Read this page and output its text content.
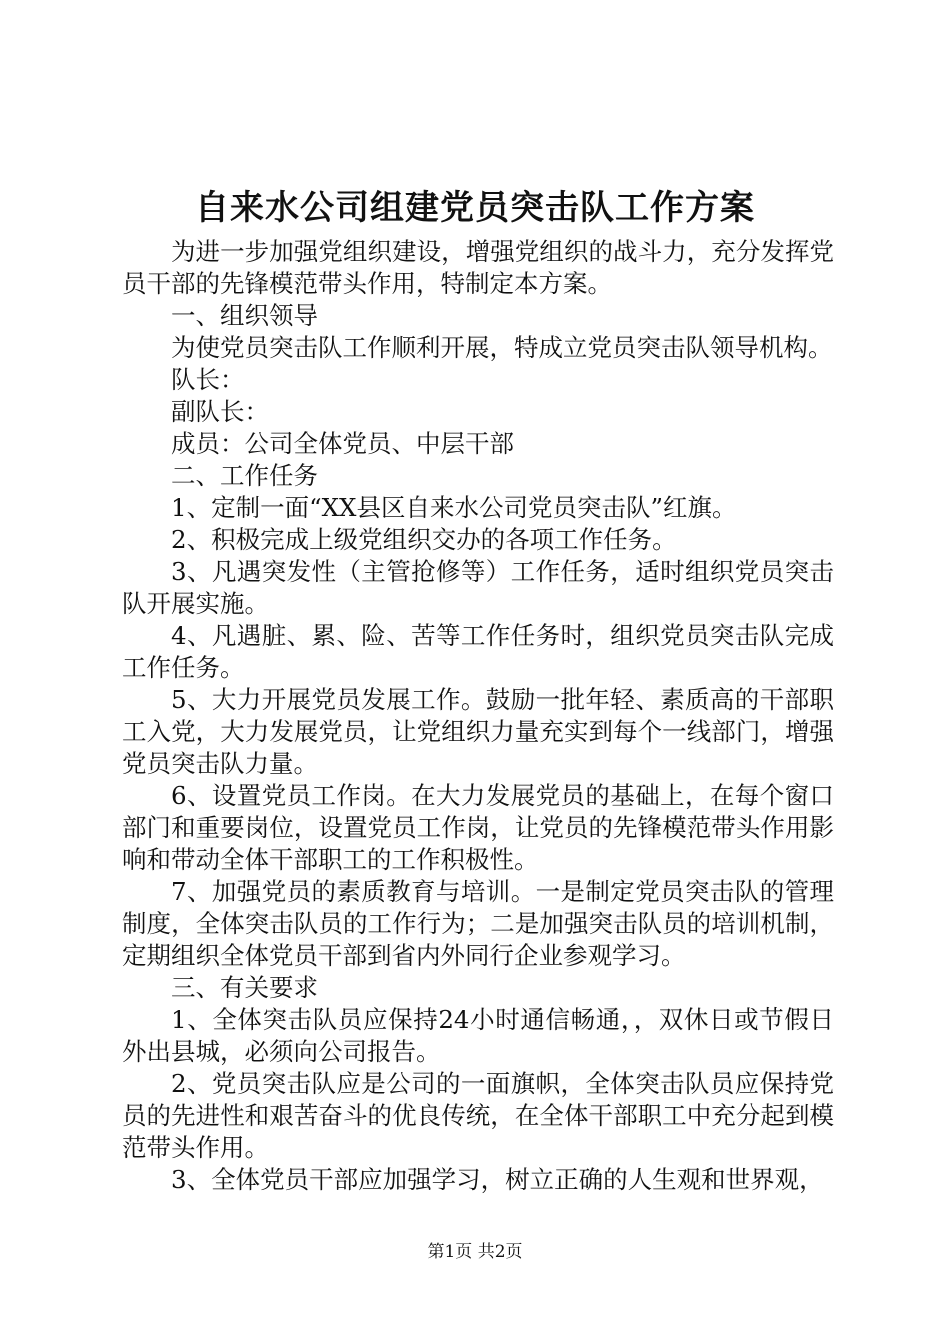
自来水公司组建党员突击队工作方案

为进一步加强党组织建设，增强党组织的战斗力，充分发挥党员干部的先锋模范带头作用，特制定本方案。

一、组织领导

为使党员突击队工作顺利开展，特成立党员突击队领导机构。

队长：

副队长：

成员：公司全体党员、中层干部

二、工作任务

1、定制一面“XX县区自来水公司党员突击队”红旗。

2、积极完成上级党组织交办的各项工作任务。

3、凡遇突发性（主管抢修等）工作任务，适时组织党员突击队开展实施。

4、凡遇脏、累、险、苦等工作任务时，组织党员突击队完成工作任务。

5、大力开展党员发展工作。鼓励一批年轻、素质高的干部职工入党，大力发展党员，让党组织力量充实到每个一线部门，增强党员突击队力量。

6、设置党员工作岗。在大力发展党员的基础上，在每个窗口部门和重要岗位，设置党员工作岗，让党员的先锋模范带头作用影响和带动全体干部职工的工作积极性。

7、加强党员的素质教育与培训。一是制定党员突击队的管理制度，全体突击队员的工作行为；二是加强突击队员的培训机制，定期组织全体党员干部到省内外同行企业参观学习。

三、有关要求

1、全体突击队员应保持24小时通信畅通，，双休日或节假日外出县城，必须向公司报告。

2、党员突击队应是公司的一面旗帜，全体突击队员应保持党员的先进性和艰苦奋斗的优良传统，在全体干部职工中充分起到模范带头作用。

3、全体党员干部应加强学习，树立正确的人生观和世界观，

第1页 共2页
